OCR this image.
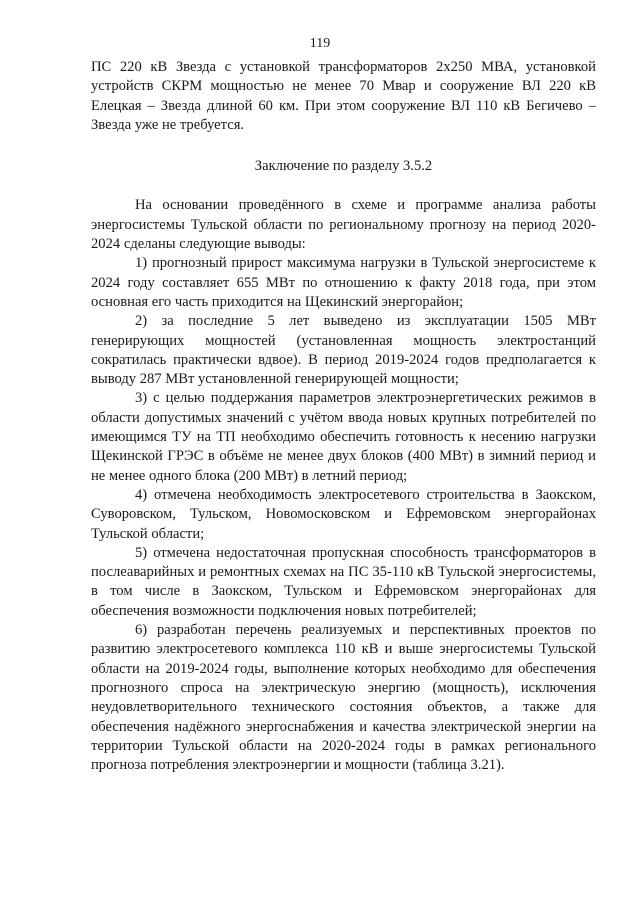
119

ПС 220 кВ Звезда с установкой трансформаторов 2х250 МВА, установкой устройств СКРМ мощностью не менее 70 Мвар и сооружение ВЛ 220 кВ Елецкая – Звезда длиной 60 км. При этом сооружение ВЛ 110 кВ Бегичево – Звезда уже не требуется.

Заключение по разделу 3.5.2

На основании проведённого в схеме и программе анализа работы энергосистемы Тульской области по региональному прогнозу на период 2020-2024 сделаны следующие выводы:

1) прогнозный прирост максимума нагрузки в Тульской энергосистеме к 2024 году составляет 655 МВт по отношению к факту 2018 года, при этом основная его часть приходится на Щекинский энергорайон;

2) за последние 5 лет выведено из эксплуатации 1505 МВт генерирующих мощностей (установленная мощность электростанций сократилась практически вдвое). В период 2019-2024 годов предполагается к выводу 287 МВт установленной генерирующей мощности;

3) с целью поддержания параметров электроэнергетических режимов в области допустимых значений с учётом ввода новых крупных потребителей по имеющимся ТУ на ТП необходимо обеспечить готовность к несению нагрузки Щекинской ГРЭС в объёме не менее двух блоков (400 МВт) в зимний период и не менее одного блока (200 МВт) в летний период;

4) отмечена необходимость электросетевого строительства в Заокском, Суворовском, Тульском, Новомосковском и Ефремовском энергорайонах Тульской области;

5) отмечена недостаточная пропускная способность трансформаторов в послеаварийных и ремонтных схемах на ПС 35-110 кВ Тульской энергосистемы, в том числе в Заокском, Тульском и Ефремовском энергорайонах для обеспечения возможности подключения новых потребителей;

6) разработан перечень реализуемых и перспективных проектов по развитию электросетевого комплекса 110 кВ и выше энергосистемы Тульской области на 2019-2024 годы, выполнение которых необходимо для обеспечения прогнозного спроса на электрическую энергию (мощность), исключения неудовлетворительного технического состояния объектов, а также для обеспечения надёжного энергоснабжения и качества электрической энергии на территории Тульской области на 2020-2024 годы в рамках регионального прогноза потребления электроэнергии и мощности (таблица 3.21).
